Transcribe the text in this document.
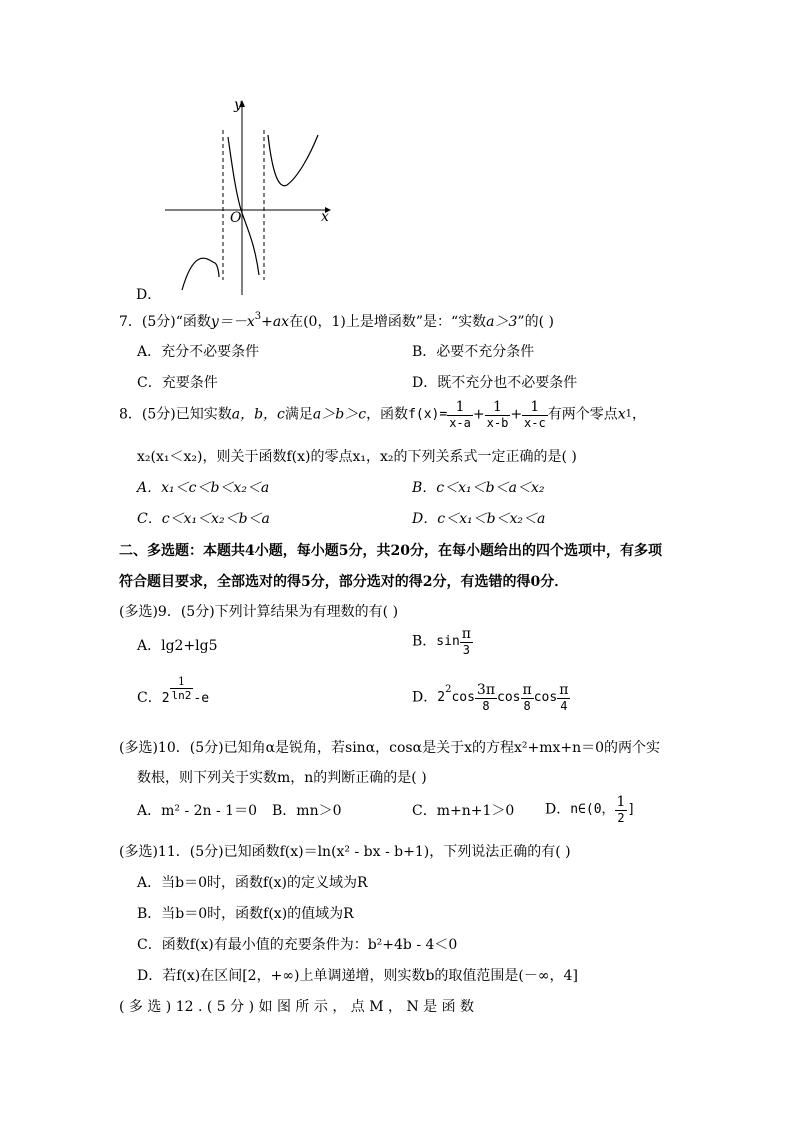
y
x
O
D．
7．(5分)“函数$y=-x^3+ax$在(0，1)上是增函数”是：“实数a＞3”的( )
A．充分不必要条件	B．必要不充分条件
C．充要条件	D．既不充分也不必要条件
8．(5分)已知实数a，b，c满足a＞b＞c，函数$f(x)= \frac{1}{x-a} + \frac{1}{x-b} + \frac{1}{x-c}$ 有两个零点x1，
x₂(x₁＜x₂)，则关于函数f(x)的零点x₁，x₂的下列关系式一定正确的是( )
A．x₁＜c＜b＜x₂＜a	B．c＜x₁＜b＜a＜x₂
C．c＜x₁＜x₂＜b＜a	D．c＜x₁＜b＜x₂＜a
二、多选题：本题共4小题，每小题5分，共20分，在每小题给出的四个选项中，有多项
符合题目要求，全部选对的得5分，部分选对的得2分，有选错的得0分．
(多选)9．(5分)下列计算结果为有理数的有( )
A．lg2+lg5	B．$\sin \frac{\pi}{3}$
C．$2 \frac{1}{\ln 2} -e$	D．$2^2\cos \frac{3\pi}{8}$ $\cos \frac{\pi}{8}$ $\cos \frac{\pi}{4}$
(多选)10．(5分)已知角α是锐角，若sinα，cosα是关于x的方程x²+mx+n＝0的两个实
数根，则下列关于实数m，n的判断正确的是( )
A．m² - 2n - 1＝0 B．mn＞0	C．m+n+1＞0 D．n∈(0， $\frac{1}{2}$ ]
(多选)11．(5分)已知函数f(x)＝ln(x² - bx - b+1)，下列说法正确的有( )
A．当b＝0时，函数f(x)的定义域为R
B．当b＝0时，函数f(x)的值域为R
C．函数f(x)有最小值的充要条件为：b²+4b - 4＜0
D．若f(x)在区间[2，+∞)上单调递增，则实数b的取值范围是(－∞，4]
( 多 选 ) 12 . ( 5 分 ) 如 图 所 示 ， 点 M ， N 是 函 数
